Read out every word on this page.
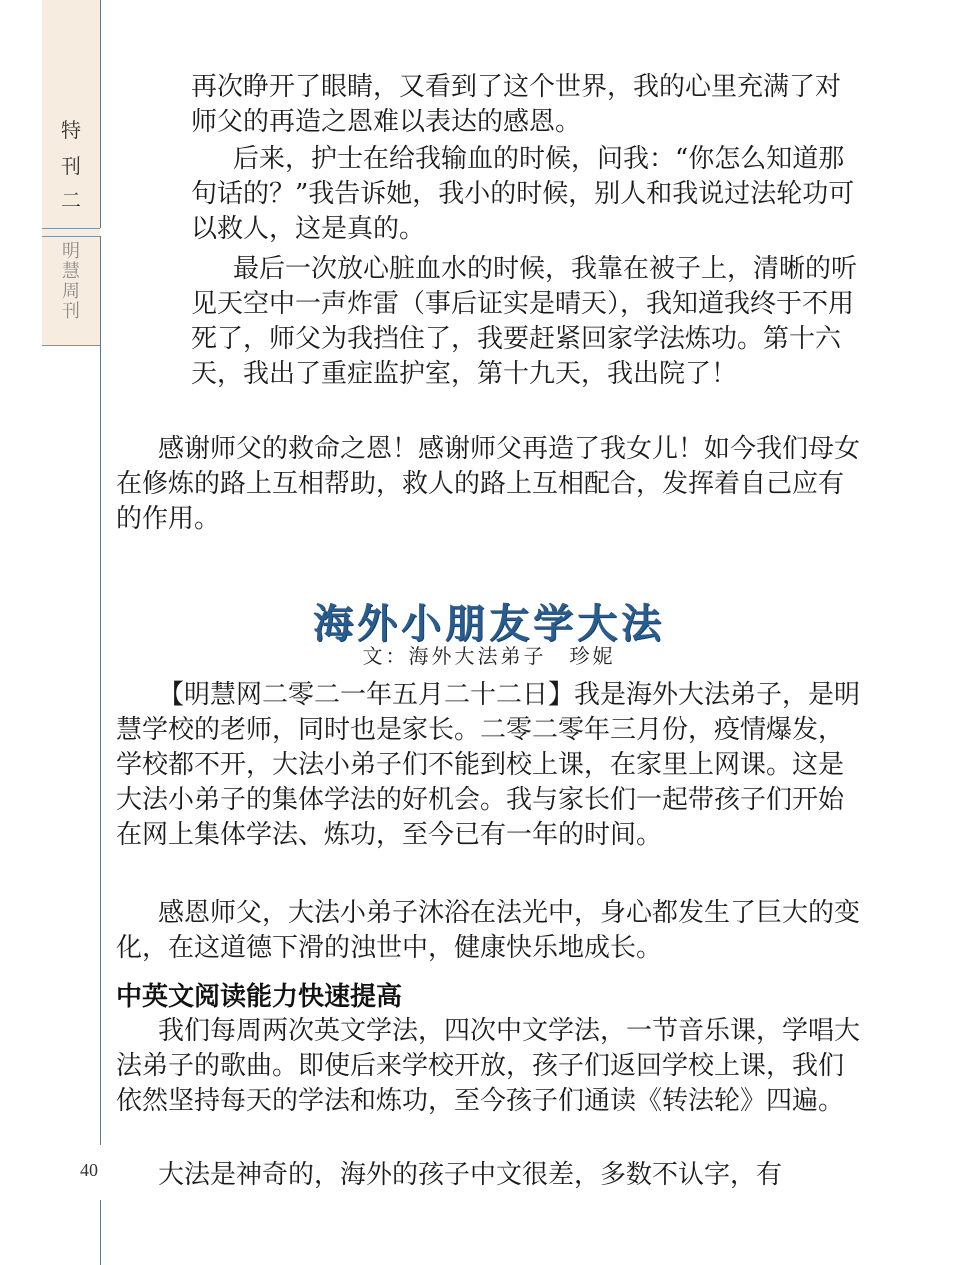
特
刊
二
明
慧
周
刊
40

再次睁开了眼睛，又看到了这个世界，我的心里充满了对师父的再造之恩难以表达的感恩。

后来，护士在给我输血的时候，问我：“你怎么知道那句话的？”我告诉她，我小的时候，别人和我说过法轮功可以救人，这是真的。

最后一次放心脏血水的时候，我靠在被子上，清晰的听见天空中一声炸雷（事后证实是晴天），我知道我终于不用死了，师父为我挡住了，我要赶紧回家学法炼功。第十六天，我出了重症监护室，第十九天，我出院了！

感谢师父的救命之恩！感谢师父再造了我女儿！如今我们母女在修炼的路上互相帮助，救人的路上互相配合，发挥着自己应有的作用。

海外小朋友学大法
文：海外大法弟子　珍妮

【明慧网二零二一年五月二十二日】我是海外大法弟子，是明慧学校的老师，同时也是家长。二零二零年三月份，疫情爆发，学校都不开，大法小弟子们不能到校上课，在家里上网课。这是大法小弟子的集体学法的好机会。我与家长们一起带孩子们开始在网上集体学法、炼功，至今已有一年的时间。

感恩师父，大法小弟子沐浴在法光中，身心都发生了巨大的变化，在这道德下滑的浊世中，健康快乐地成长。

中英文阅读能力快速提高

我们每周两次英文学法，四次中文学法，一节音乐课，学唱大法弟子的歌曲。即使后来学校开放，孩子们返回学校上课，我们依然坚持每天的学法和炼功，至今孩子们通读《转法轮》四遍。

大法是神奇的，海外的孩子中文很差，多数不认字，有
